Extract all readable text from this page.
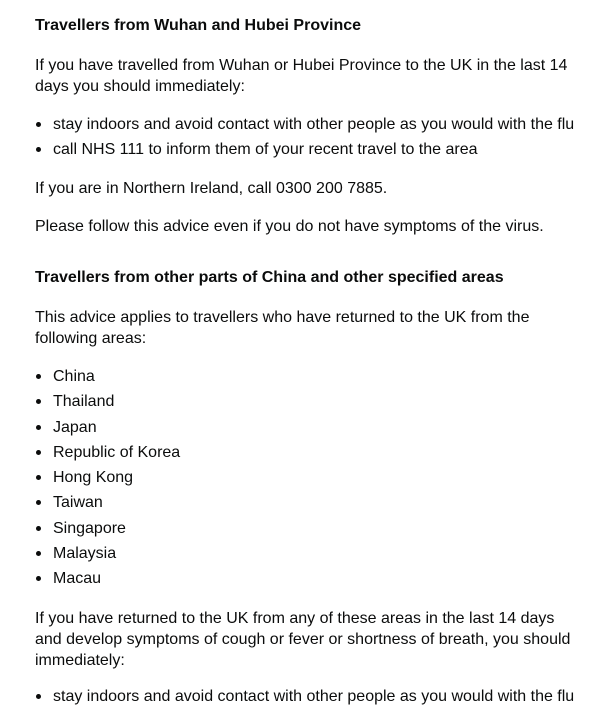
Travellers from Wuhan and Hubei Province

If you have travelled from Wuhan or Hubei Province to the UK in the last 14 days you should immediately:

stay indoors and avoid contact with other people as you would with the flu
call NHS 111 to inform them of your recent travel to the area

If you are in Northern Ireland, call 0300 200 7885.

Please follow this advice even if you do not have symptoms of the virus.

Travellers from other parts of China and other specified areas

This advice applies to travellers who have returned to the UK from the following areas:

China
Thailand
Japan
Republic of Korea
Hong Kong
Taiwan
Singapore
Malaysia
Macau

If you have returned to the UK from any of these areas in the last 14 days and develop symptoms of cough or fever or shortness of breath, you should immediately:

stay indoors and avoid contact with other people as you would with the flu
